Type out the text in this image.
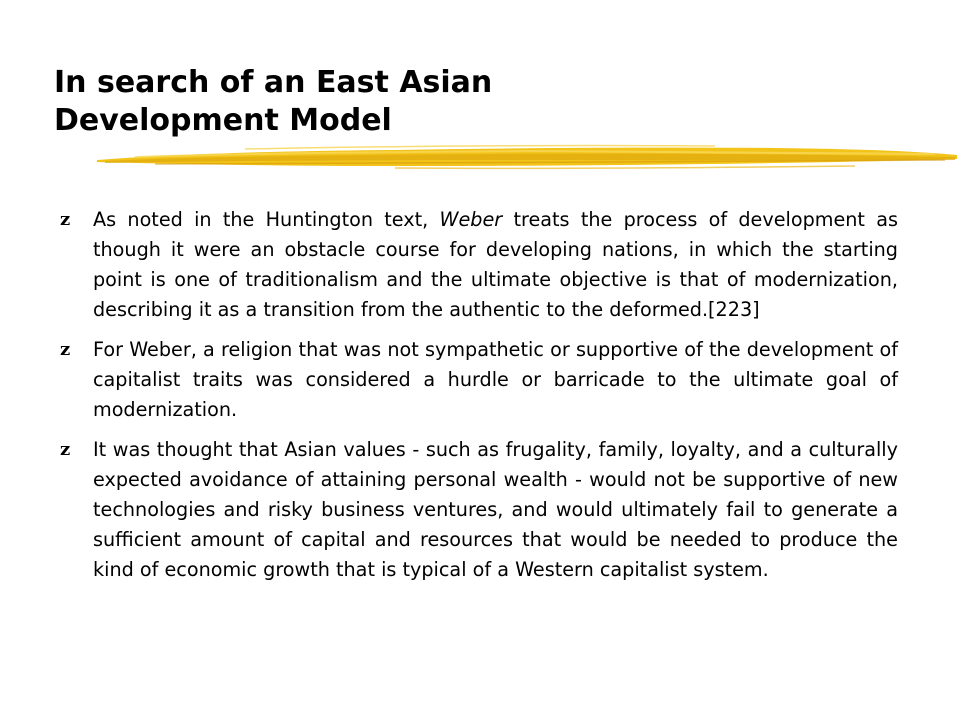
In search of an East Asian
Development Model
z	As noted in the Huntington text, Weber treats the process of development as though it were an obstacle course for developing nations, in which the starting point is one of traditionalism and the ultimate objective is that of modernization, describing it as a transition from the authentic to the deformed.[223]
z	For Weber, a religion that was not sympathetic or supportive of the development of capitalist traits was considered a hurdle or barricade to the ultimate goal of modernization.
z	It was thought that Asian values - such as frugality, family, loyalty, and a culturally expected avoidance of attaining personal wealth - would not be supportive of new technologies and risky business ventures, and would ultimately fail to generate a sufficient amount of capital and resources that would be needed to produce the kind of economic growth that is typical of a Western capitalist system.
